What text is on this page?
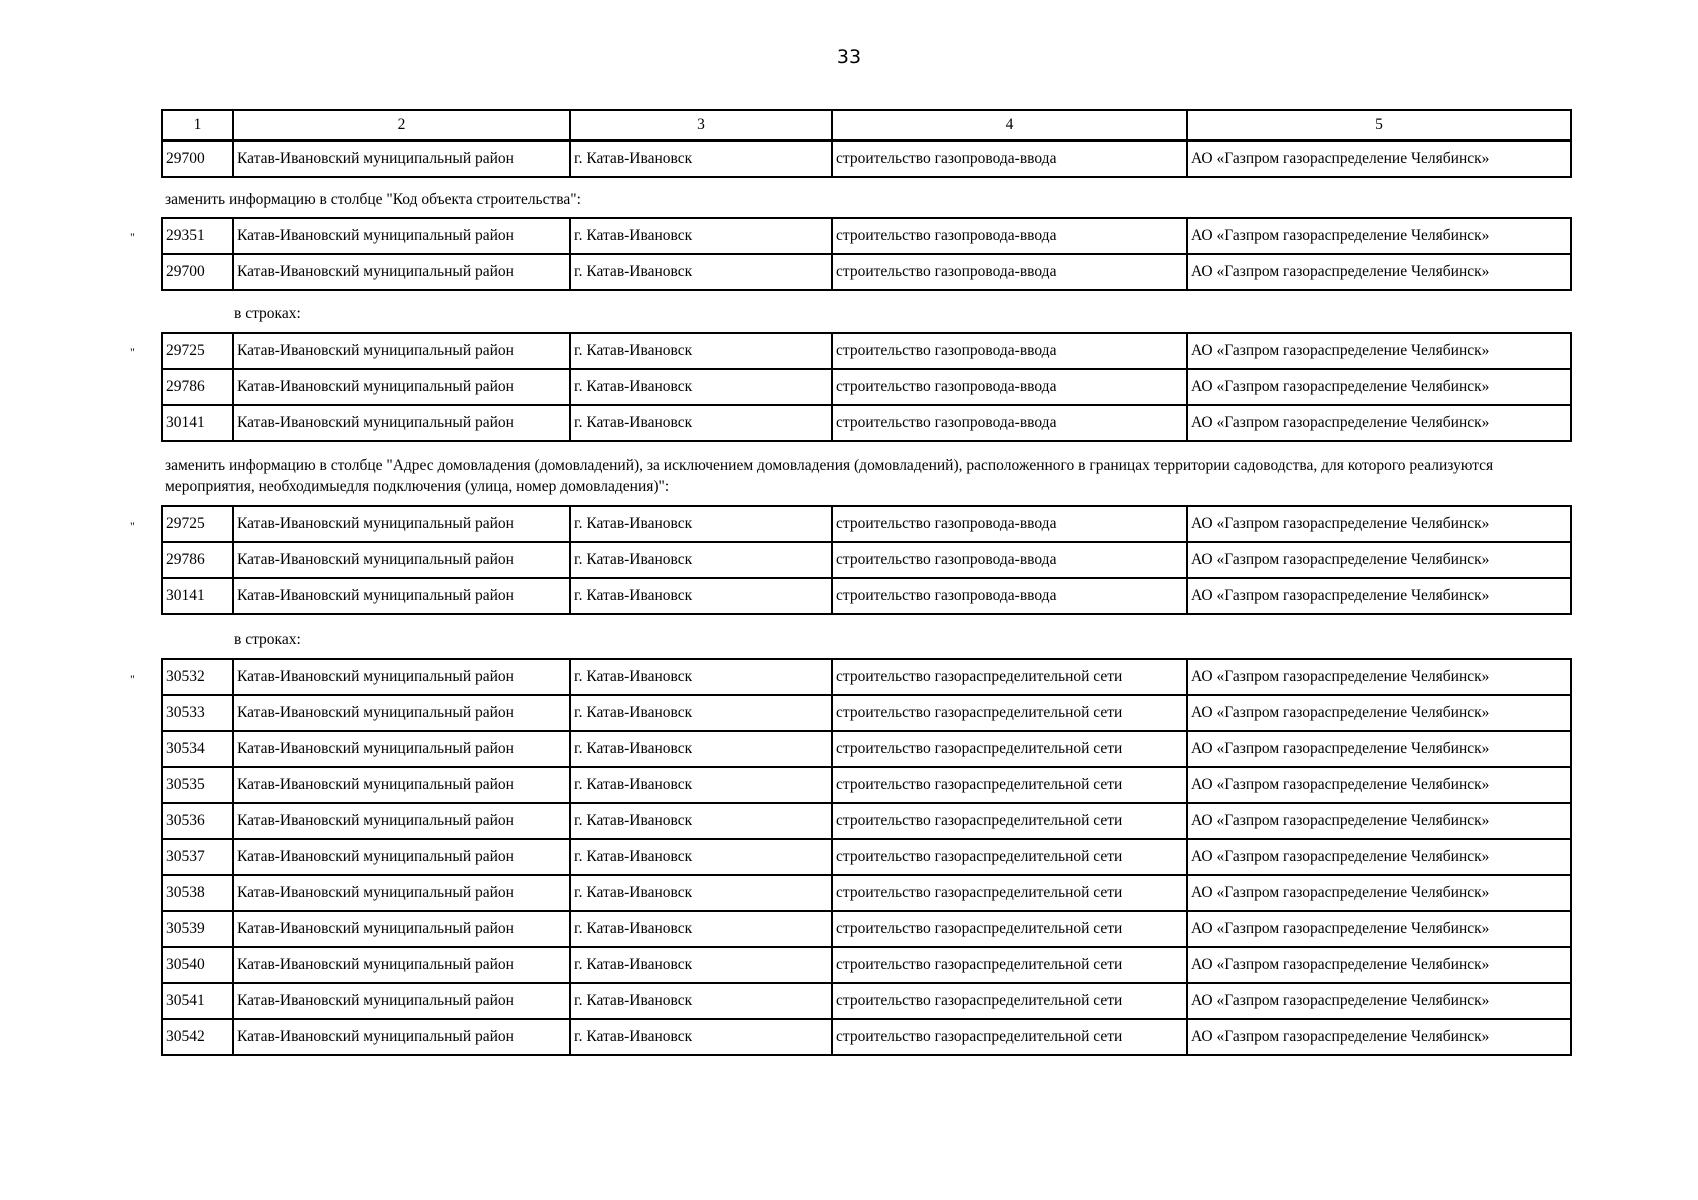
33
1	2	3	4	5
29700	Катав-Ивановский муниципальный район	г. Катав-Ивановск	строительство газопровода-ввода	АО «Газпром газораспределение Челябинск»
заменить информацию в столбце "Код объекта строительства":
" 29351	Катав-Ивановский муниципальный район	г. Катав-Ивановск	строительство газопровода-ввода	АО «Газпром газораспределение Челябинск»
29700	Катав-Ивановский муниципальный район	г. Катав-Ивановск	строительство газопровода-ввода	АО «Газпром газораспределение Челябинск»
в строках:
" 29725	Катав-Ивановский муниципальный район	г. Катав-Ивановск	строительство газопровода-ввода	АО «Газпром газораспределение Челябинск»
29786	Катав-Ивановский муниципальный район	г. Катав-Ивановск	строительство газопровода-ввода	АО «Газпром газораспределение Челябинск»
30141	Катав-Ивановский муниципальный район	г. Катав-Ивановск	строительство газопровода-ввода	АО «Газпром газораспределение Челябинск»
заменить информацию в столбце "Адрес домовладения (домовладений), за исключением домовладения (домовладений), расположенного в границах территории садоводства, для которого реализуются
мероприятия, необходимыедля подключения (улица, номер домовладения)":
" 29725	Катав-Ивановский муниципальный район	г. Катав-Ивановск	строительство газопровода-ввода	АО «Газпром газораспределение Челябинск»
29786	Катав-Ивановский муниципальный район	г. Катав-Ивановск	строительство газопровода-ввода	АО «Газпром газораспределение Челябинск»
30141	Катав-Ивановский муниципальный район	г. Катав-Ивановск	строительство газопровода-ввода	АО «Газпром газораспределение Челябинск»
в строках:
" 30532	Катав-Ивановский муниципальный район	г. Катав-Ивановск	строительство газораспределительной сети	АО «Газпром газораспределение Челябинск»
30533	Катав-Ивановский муниципальный район	г. Катав-Ивановск	строительство газораспределительной сети	АО «Газпром газораспределение Челябинск»
30534	Катав-Ивановский муниципальный район	г. Катав-Ивановск	строительство газораспределительной сети	АО «Газпром газораспределение Челябинск»
30535	Катав-Ивановский муниципальный район	г. Катав-Ивановск	строительство газораспределительной сети	АО «Газпром газораспределение Челябинск»
30536	Катав-Ивановский муниципальный район	г. Катав-Ивановск	строительство газораспределительной сети	АО «Газпром газораспределение Челябинск»
30537	Катав-Ивановский муниципальный район	г. Катав-Ивановск	строительство газораспределительной сети	АО «Газпром газораспределение Челябинск»
30538	Катав-Ивановский муниципальный район	г. Катав-Ивановск	строительство газораспределительной сети	АО «Газпром газораспределение Челябинск»
30539	Катав-Ивановский муниципальный район	г. Катав-Ивановск	строительство газораспределительной сети	АО «Газпром газораспределение Челябинск»
30540	Катав-Ивановский муниципальный район	г. Катав-Ивановск	строительство газораспределительной сети	АО «Газпром газораспределение Челябинск»
30541	Катав-Ивановский муниципальный район	г. Катав-Ивановск	строительство газораспределительной сети	АО «Газпром газораспределение Челябинск»
30542	Катав-Ивановский муниципальный район	г. Катав-Ивановск	строительство газораспределительной сети	АО «Газпром газораспределение Челябинск»
